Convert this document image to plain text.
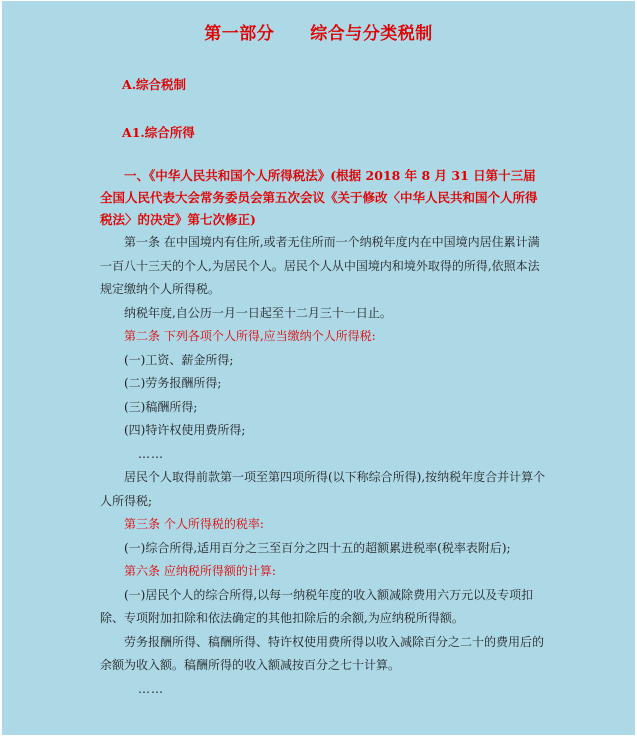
第一部分 综合与分类税制
A.综合税制
A1.综合所得

一、《中华人民共和国个人所得税法》(根据 2018 年 8 月 31 日第十三届全国人民代表大会常务委员会第五次会议《关于修改〈中华人民共和国个人所得税法〉的决定》第七次修正)

第一条 在中国境内有住所,或者无住所而一个纳税年度内在中国境内居住累计满一百八十三天的个人,为居民个人。居民个人从中国境内和境外取得的所得,依照本法规定缴纳个人所得税。

纳税年度,自公历一月一日起至十二月三十一日止。

第二条 下列各项个人所得,应当缴纳个人所得税:

(一)工资、薪金所得;

(二)劳务报酬所得;

(三)稿酬所得;

(四)特许权使用费所得;

……

居民个人取得前款第一项至第四项所得(以下称综合所得),按纳税年度合并计算个人所得税;

第三条 个人所得税的税率:

(一)综合所得,适用百分之三至百分之四十五的超额累进税率(税率表附后);

第六条 应纳税所得额的计算:

(一)居民个人的综合所得,以每一纳税年度的收入额减除费用六万元以及专项扣除、专项附加扣除和依法确定的其他扣除后的余额,为应纳税所得额。

劳务报酬所得、稿酬所得、特许权使用费所得以收入减除百分之二十的费用后的余额为收入额。稿酬所得的收入额减按百分之七十计算。

……
